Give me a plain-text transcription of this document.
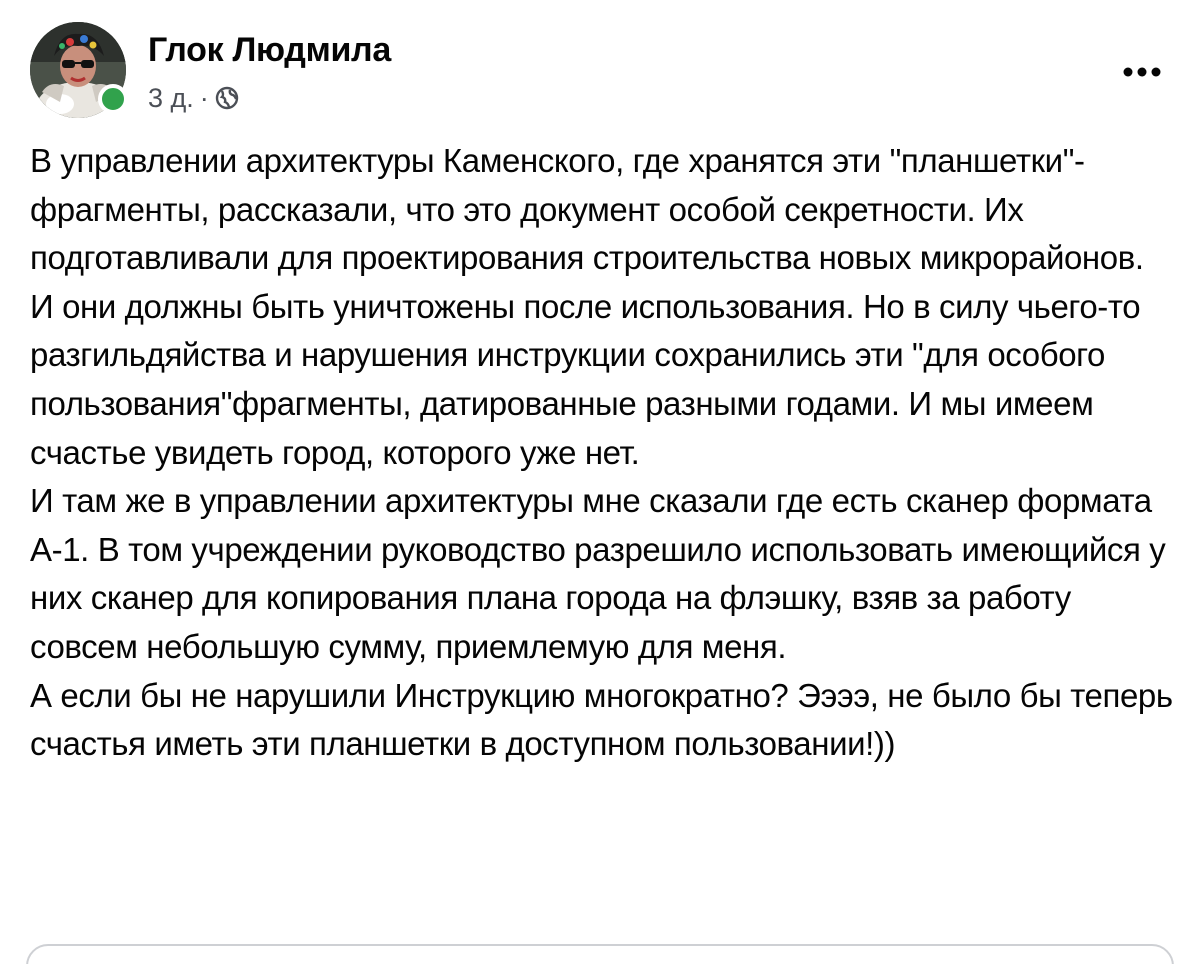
Глок Людмила
3 д. ·

В управлении архитектуры Каменского, где хранятся эти "планшетки"-фрагменты, рассказали, что это документ особой секретности. Их подготавливали для проектирования строительства новых микрорайонов. И они должны быть уничтожены после использования. Но в силу чьего-то разгильдяйства и нарушения инструкции сохранились эти "для особого пользования"фрагменты, датированные разными годами. И мы имеем счастье увидеть город, которого уже нет.

И там же в управлении архитектуры мне сказали где есть сканер формата А-1. В том учреждении руководство разрешило использовать имеющийся у них сканер для копирования плана города на флэшку, взяв за работу совсем небольшую сумму, приемлемую для меня.

А если бы не нарушили Инструкцию многократно? Ээээ, не было бы теперь счастья иметь эти планшетки в доступном пользовании!))
